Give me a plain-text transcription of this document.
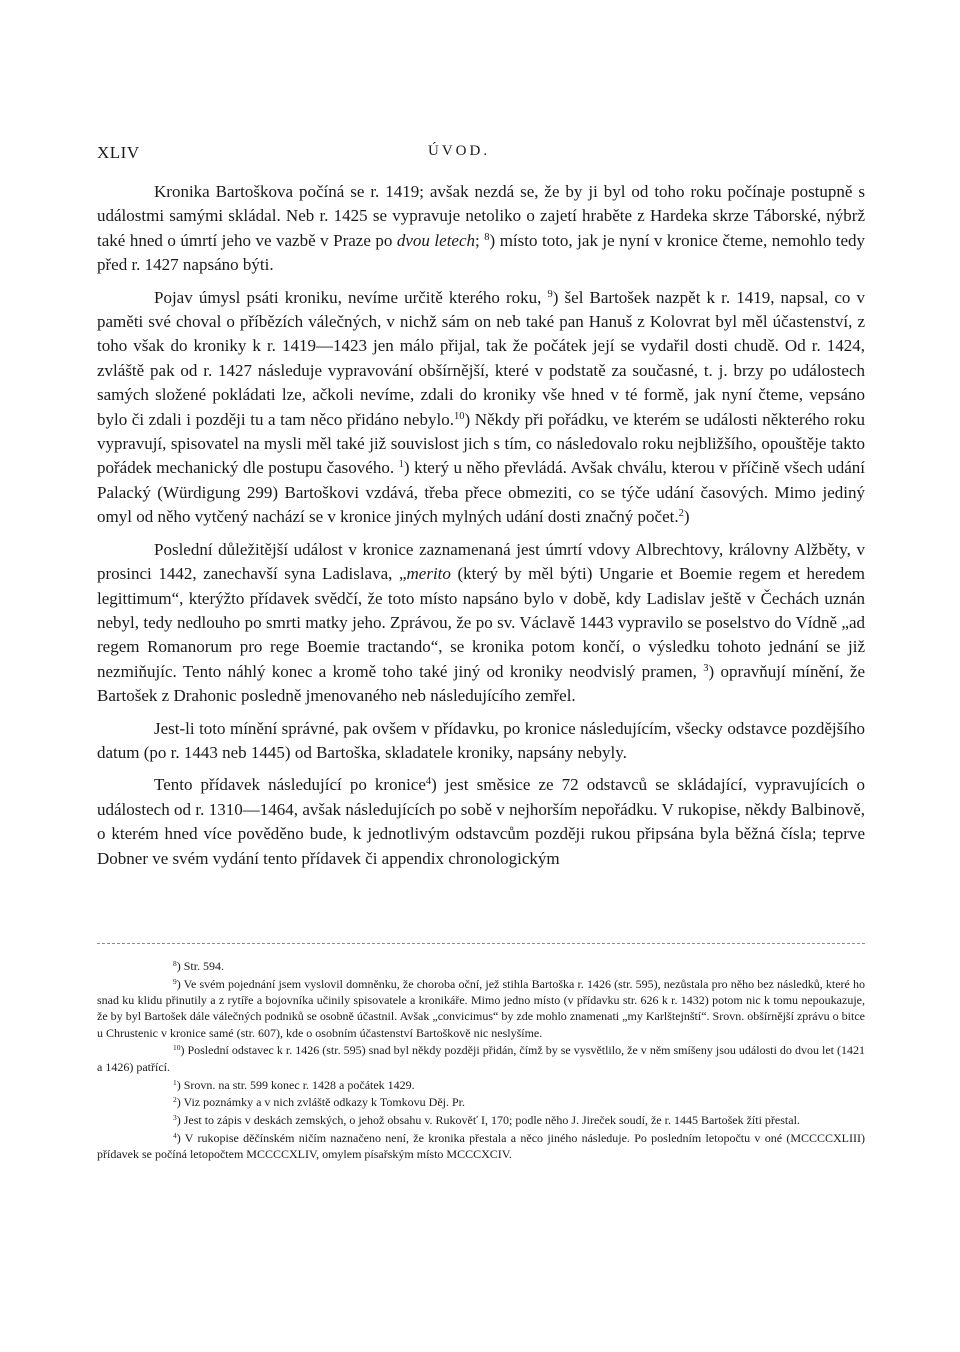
XLIV	ÚVOD.

Kronika Bartoškova počíná se r. 1419; avšak nezdá se, že by ji byl od toho roku počínaje postupně s událostmi samými skládal. Neb r. 1425 se vypravuje netoliko o zajetí hraběte z Hardeka skrze Táborské, nýbrž také hned o úmrtí jeho ve vazbě v Praze po dvou letech; $^8$) místo toto, jak je nyní v kronice čteme, nemohlo tedy před r. 1427 napsáno býti.

Pojav úmysl psáti kroniku, nevíme určitě kterého roku, $^9$) šel Bartošek nazpět k r. 1419, napsal, co v paměti své choval o příbězích válečných, v nichž sám on neb také pan Hanuš z Kolovrat byl měl účastenství, z toho však do kroniky k r. 1419—1423 jen málo přijal, tak že počátek její se vydařil dosti chudě. Od r. 1424, zvláště pak od r. 1427 následuje vypravování obšírnější, které v podstatě za současné, t. j. brzy po událostech samých složené pokládati lze, ačkoli nevíme, zdali do kroniky vše hned v té formě, jak nyní čteme, vepsáno bylo či zdali i později tu a tam něco přidáno nebylo.$^{10}$) Někdy při pořádku, ve kterém se události některého roku vypravují, spisovatel na mysli měl také již souvislost jich s tím, co následovalo roku nejbližšího, opouštěje takto pořádek mechanický dle postupu časového. $^1$) který u něho převládá. Avšak chválu, kterou v příčině všech udání Palacký (Würdigung 299) Bartoškovi vzdává, třeba přece obmeziti, co se týče udání časových. Mimo jediný omyl od něho vytčený nachází se v kronice jiných mylných udání dosti značný počet.$^2$)

Poslední důležitější událost v kronice zaznamenaná jest úmrtí vdovy Albrechtovy, královny Alžběty, v prosinci 1442, zanechavší syna Ladislava, „merito (který by měl býti) Ungarie et Boemie regem et heredem legittimum“, kterýžto přídavek svědčí, že toto místo napsáno bylo v době, kdy Ladislav ještě v Čechách uznán nebyl, tedy nedlouho po smrti matky jeho. Zprávou, že po sv. Václavě 1443 vypravilo se poselstvo do Vídně „ad regem Romanorum pro rege Boemie tractando“, se kronika potom končí, o výsledku tohoto jednání se již nezmiňujíc. Tento náhlý konec a kromě toho také jiný od kroniky neodvislý pramen, $^3$) opravňují mínění, že Bartošek z Drahonic posledně jmenovaného neb následujícího zemřel.

Jest-li toto mínění správné, pak ovšem v přídavku, po kronice následujícím, všecky odstavce pozdějšího datum (po r. 1443 neb 1445) od Bartoška, skladatele kroniky, napsány nebyly.

Tento přídavek následující po kronice$^4$) jest směsice ze 72 odstavců se skládající, vypravujících o událostech od r. 1310—1464, avšak následujících po sobě v nejhorším nepořádku. V rukopise, někdy Balbinově, o kterém hned více pověděno bude, k jednotlivým odstavcům později rukou připsána byla běžná čísla; teprve Dobner ve svém vydání tento přídavek či appendix chronologickým

$^8$) Str. 594.

$^9$) Ve svém pojednání jsem vyslovil domněnku, že choroba oční, jež stihla Bartoška r. 1426 (str. 595), nezůstala pro něho bez následků, které ho snad ku klidu přinutily a z rytíře a bojovníka učinily spisovatele a kronikáře. Mimo jedno místo (v přídavku str. 626 k r. 1432) potom nic k tomu nepoukazuje, že by byl Bartošek dále válečných podniků se osobně účastnil. Avšak „convicimus“ by zde mohlo znamenati „my Karlštejnští“. Srovn. obšírnější zprávu o bitce u Chrustenic v kronice samé (str. 607), kde o osobním účastenství Bartoškově nic neslyšíme.

$^{10}$) Poslední odstavec k r. 1426 (str. 595) snad byl někdy později přidán, čímž by se vysvětlilo, že v něm smíšeny jsou události do dvou let (1421 a 1426) patřící.

$^1$) Srovn. na str. 599 konec r. 1428 a počátek 1429.

$^2$) Viz poznámky a v nich zvláště odkazy k Tomkovu Děj. Pr.

$^3$) Jest to zápis v deskách zemských, o jehož obsahu v. Rukověť I, 170; podle něho J. Jireček soudí, že r. 1445 Bartošek žíti přestal.

$^4$) V rukopise děčínském ničím naznačeno není, že kronika přestala a něco jiného následuje. Po posledním letopočtu v oné (MCCCCXLIII) přídavek se počíná letopočtem MCCCCXLIV, omylem písařským místo MCCCXCIV.
